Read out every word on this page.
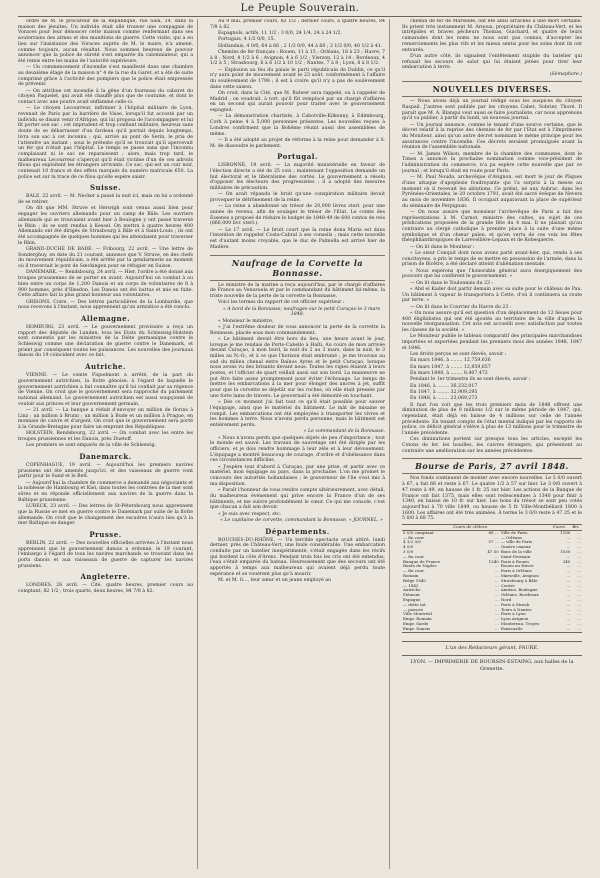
Le Peuple Souverain.

ordre de M. le procureur de la République, rue Sala, 14, dans la maison des jésuites. Un individu était allé trouver une compagnie de Voraces pour leur dénoncer cette maison comme renfermant dans ses souterrains des armes et des munitions de guerre. Cette visite, qui a eu lieu sur l'insistance des Voraces auprès de M. le maire, n'a amené, comme toujours, aucun résultat. Nous sommes heureux de pouvoir annoncer que la police de sûreté s'est emparée du calomniateur, qui a été remis entre les mains de l'autorité supérieure.

— Un commencement d'incendie s'est manifesté dans une chambre au deuxième étage de la maison n° 4 de la rue du Garet, et a été de suite comprimé grâce à l'activité des pompiers que le police était empressée de prévenir.

— On attribue cet incendie à la gêne d'un fourneau du cabaret du citoyen Paquelet, qui avait été chauffé plus que de coutume, et dont le contact avec une poutre avait enflammé celle-ci.

— Le citoyen Lecourreur, infirmier à l'hôpital militaire de Lyon, revenait de Paris par la barrière de Vaise, lorsqu'il fut accosté par un individu se disant venir d'Afrique, qui lui proposa de l'accompagner et lui fit porter son sac ; cet imprudent et trop confiant militaire, heureux sans doute de se débarrasser d'un fardeau qu'il portait depuis longtemps, livra son sac à cet inconnu ; qui, arrivé au pont de Serin, le pria de l'attendre un instant ; sous le prétexte qu'il se trouvait qu'il apercevait un fer qui n'était pas l'hôpital. Le temps se passe sans que l'inconnu complaisant ni le sac ne reparaissent ; alors, mais trop tard, le malheureux Lecourreur s'aperçut qu'il était victime d'un de ces adroits filous qui exploitent les étrangers arrivants. Ce sac, qui est un cuir noir, contenait 10 francs et des effets marqués du numéro matricule 650. La police est sur la trace de ce filou qu'elle espère saisir.

Suisse.

BALE, 22 avril. — M. Necker a passé la nuit ici, mais on lui a ordonné de se retirer.

On dit que MM. Struve et Herwigh sont venus aussi bien pour engager les ouvriers allemands pour un camp de Bâle. Les ouvriers allemands qui se trouvaient avant hier à Boulogne y ont passé traversé le Rhin ; ils se sont rendus à Kessel. On mettra à quatre heures 400 Allemands ont été dirigés de Strasbourg à Bâle et à Saint-Louis ; ils ont été accompagnés de quelques hommes qui les attendaient pour traverser le Rhin.

GRAND-DUCHÉ DE BADE. — Fribourg, 22 avril. — Une lettre de Sonderghuy, en date du 21 courant, annonce que V. Struve, en des chefs du mouvement républicain, a été arrêté par la gendarmerie au moment où il traversait le pont de Sœckingen pour se réfugier en Suisse.

DANEMARK. — Rendsbourg, 24 avril. — Hier, l'ordre a été donné aux troupes prussiennes de se porter en avant. Aujourd'hui on combat à ou bien entre un corps de 1,200 Danois et un corps de volontaires de 8 à 900 hommes, près d'Illesdon. Les Danois ont été battus et mis en fuite. Cette affaire fait la plus grand honneur aux volontaires.

GRISONS, Coire. — Des lettres particulières de la Lombardie, que nous recevons à l'instant, nous apprennent qu'un armistice a été conclu.

Allemagne.

HOMBURG, 23 avril. — Le gouvernement provisoire a reçu un rapport des députés de Lunden, tous les Etats du Schleswig-Holstein sont consentis par les ministres de la Diète germanique contre le Schleswig comme une déclaration de guerre contre le Danemark, et prient par conséquent toutes les puissances. Les nouvelles des journaux danois du 19 coïncident avec ce fait.

Autriche.

VIENNE. — Le comte Fiquelmont a arrêté, de la part du gouvernement autrichien, la flotte génoise, à l'égard de laquelle le gouvernement autrichien a fait connaître qu'il lui confiait par sa régence de Vienne. On croit que le gouvernement sera rapproché du parlement national allemand. Le gouvernement autrichien est aussi soupçonné de vouloir aux princes et leur gouvernement germain.

— 21 avril. — La banque a réduit d'envoyer un million de florins à Linz ; un million à Brunn ; un million à Bude et un million à Prague, en monnaie de cuivre et d'argent. On croit que le gouvernement sera porté à la Grande-Bretagne pour faire un emprunt des Républiques.

HOLSTEIN. Rendsbourg, 22 avril. — On combat avec les entre les troupes prussiennes et les Danois, près Duetoff.

Les premiers se sont emparés de la ville de Schleswig.

Danemarck.

COPENHAGUE, 19 avril. — Aujourd'hui les premiers navires prussiens ont été amenés jusqu'ici, et des vaisseaux de guerre vont partir pour le Sund et le Belt.

— Aujourd'hui la chambre de commerce a demandé aux négociants et la noblesse de Hambourg et Kiel, dans toutes les contrées de la mer sont sûres et en réponde officiellement aux navires de la guerre dans la Baltique prussienne.

LUBECK, 23 avril. — Des lettres de St-Pétersbourg nous apprennent que la Russie se met en guerre contre le Danemark par suite de la flotte allemande. On croit que le changement des escadres n'aura lieu qu'à la mer Baltique en danger.

Prusse.

BERLIN, 22 avril. — Des nouvelles officielles arrivées à l'instant nous apprennent que le gouvernement danois a ordonné, le 19 courant, l'embargo à l'égard de tous les navires marchands se trouvant dans les ports danois et aux vaisseaux de guerre de capturer les navires prussiens.

Angleterre.

LONDRES, 26 avril. — Cité, quatre heures, premier cours au comptant, 82 1/2 ; trois quarts, deux heures, 84 7/8 à 82.

Au 9 mai, premier cours, 82 1/2 ; dernier cours, à quatre heures, 84 7/8 à 82.

Espagnols, actifs, 11 1/2 ; 3 0/0, 24 1/4, 24 à 24 1/2.

Portugais, 4 1/2 0/0, 15.

Hollandais, 4 0/0, 64 à 66 ; 2 1/2 0/0, 44 à 60 ; 2 1/2 0/0, 40 1/2 à 41.

Chemins de fer français : Rouen, 11 à 15 ; Orléans, 18 à 23 ; Havre, 7 à 8 ; Nord, 8 1/2 à 6 ; Avignon, 4 à 6 1/2 ; Vierzon, 12 à 14 ; Bordeaux, 4 1/2 à 5 ; Strasbourg, 6 à 6 1/2 à 10 1/2 ; Nantes, 7 à 8 ; Lyon, 8 à 8 1/2.

— Explosion au feu du palais le parti républicain de Dublin, ce qu'il n'y aura point de mouvement avant le 23 août, conformément à l'affaire du soulèvement de 1798 ; il est à croire qu'il n'y a pas de soulèvement dans cette saison.

On croit, dans la Cité, que M. Bulwer sera rappelé, ou à rappeler de Madrid ; on voudrait, à tort, qu'il fût remplacé par un chargé d'affaires en un second qui aurait pouvoir pour traiter avec le gouvernement espagnol.

— La démonstration chartiste, à Cabotville-Kilkenny, à Edimbourg, Cork à peine 4 à 5,000 personnes présentes. Les nouvelles reçues à Londres confirment que la Bohême réunit aussi des assemblées de même.

— Il a été adopté au projet de réforme à la reine pour demander à S. M. de dissoudre le parlement.

Portugal.

LISBONNE, 19 avril. — La majorité ministérielle en faveur de l'élection directe a été de 25 voix ; maintenant l'opposition demande un but électoral et le libéralisme des cortès. Le gouvernement a résolu d'opposer les électeurs des progressistes ; il a adopté des mesures militaires de précaution.

— On avait répandu le bruit qu'une conspiration militaire devait provoquer le détrônement de la reine.

— La reine a abandonné un trésor de 20,000 livres sterl. pour une année de revenu, afin de soulager le trésor de l'Etat. Le comte des Essenes a proposé de réduire le budget de 1848-49 de 600 contos de reis (666,000 livr. sterl.).

— Le 17 avril. — Le bruit court que la reine dona Maria est dans l'intention de rappeler Costa-Cabral à ses conseils ; mais cette nouvelle est d'autant moins croyable, que le duc de Palmella est arrivé hier de Madère.

Naufrage de la Corvette la Bonnasse.

Le ministre de la marine a reçu aujourd'hui, par le chargé d'affaires de France au Venezuela et par le commandant du bâtiment lui-même, la triste nouvelle de la perte de la corvette la Bonnasse.

Voici les termes du rapport de cet officier supérieur :

« A bord de la Bonnasse, naufragée sur le petit Curaçao le 3 mars 1848.

« Monsieur le ministre,

« J'ai l'extrême douleur de vous annoncer la perte de la corvette la Bonnasse, placée sous mon commandement.

« Le bâtiment devait être hors du lieu, une heure avant le jour, lorsque je me rendais de Porto-Cabello à Haïti. Au cours de mon arrivée devant Curaçao, à mon bord, la nuit du 2 au 3 mars, dans la nuit, le 3 milles au N.-O., et à ce que l'horizon était embrumé ; je me trouvais au sud du milieu chenal entre Baïnos Ayres et le petit Curaçao, lorsque nous avons vu des brisants devant nous. Toutes les vigies étaient à leurs postes, et l'officier de quart veillait aussi sur son bord. La manœuvre ne put être faite assez promptement pour éviter l'échouage. Le temps de mettre les embarcations à la mer pour élonger des ancres à jet, suffit pour que la corvette se déjetât sur les roches, où elle était pressée par une forte lame de travers. Le gouvernail a été démonté en touchant.

« Dès ce moment j'ai fait tout ce qu'il était possible pour sauver l'équipage, ainsi que le matériel du bâtiment. Le mât de misaine se rompit. Les embarcations ont été employées à transporter les vivres et les hommes à terre. Nous n'avons perdu personne, mais le bâtiment est entièrement perdu.

« Le commandant de la Bonnasse.

« Nous n'avons perdu que quelques objets de peu d'importance ; tout le monde est sauvé. Les travaux de sauvetage ont été dirigés par les officiers, et je dois rendre hommage à leur zèle et à leur dévouement. L'équipage a montré beaucoup de courage, d'ordre et d'obéissance dans ces circonstances difficiles.

« J'espère tout d'abord à Curaçao, par une prise, et partir avec ce matériel, mon équipage au pays, dans la prochaine. L'on me promet le concours des autorités hollandaises ; le gouverneur de l'île s'est mis à ma disposition.

« Paraît l'honneur de vous rendre compte ultérieurement, avec détail, du malheureux événement qui prive encore la France d'un de ses bâtiments, et me suivre profondément le cœur. Ce qui me console, c'est que chacun a fait son devoir.

« Je suis avec respect, etc.

« Le capitaine de corvette, commandant la Bonnasse, « JOURNEL. »

Départements.

BOUCHES-DU-RHÔNE. — Un terrible spectacle avait attiré, lundi dernier, près de Château-Vert, une foule considérable. Une embarcation conduite par un batelier inexpérimenté, s'était engagée dans les récifs qui bordent la côte d'Arenc. Pendant trois fois les cris ont été entendus, l'eau s'était emparée du bateau. Heureusement que des secours ont été apportés à temps aux malheureux qui avaient déjà perdu toute espérance et se vouèrent plus qu'à mourir.

M. et M. G..., leur sœur et un jeune employé au

chemin de fer de Marseille, ont été ainsi arrachés à une mort certaine. Ils prient très instamment M. Arnoux, propriétaire du Château-Vert, et les intrépides et braves pêcheurs Thomas, Guichard, et quatre de leurs camarades dont les noms ne nous sont pas connus, d'accepter les remerciements les plus vifs et les mieux sentis pour les soins dont ils ont entourés.

D'un autre côté, ils signalent l'entêtement stupide du batelier qui refusait les secours de salut qui lui étaient jetées pour tirer leur embarcation à terre.

(Sémaphore.)

NOUVELLES DIVERSES.

— Nous avons déjà un journal rédigé sous les auspices du citoyen Raspail. J'autres sont publiés par les citoyens Cabet, Sobrier, Thoré. Il paraît que M. A. Blanqui veut aussi se faire journaliste, car nous apprenons qu'il va publier, à partir du lundi, un nouveau journal.

— Un journal annonce, comme le tenant d'une source certaine, que le décret relatif à la reprise des chemins de fer par l'Etat est à l'Imprimerie du Moniteur, ainsi qu'un autre décret nommant le même principe pour les assurances contre l'incendie. Ces décrets seraient promulgués avant la réunion de l'assemblée nationale.

— M. James Wilson, membre de la chambre des communes, dont le Times a annoncé la prochaine nomination comme vice-président de l'administration du commerce, n'a pu espère cette nouvelle que par ce journal ; et lorsqu'il était en route pour Paris.

— M. Paul Nouda, archevêque d'Avignon, est mort le jour de Pâques d'une attaque d'apoplexie foudroyante qui l'a surpris à la messe au moment où il recevait les ablutions. Ce prélat, né aux Aubrac, dans les Pyrénées-Orientales, le 20 octobre 1791, avait été sacré évêque de Nevers au mois de novembre 1836. Il occupait auparavant la place de supérieur du séminaire de Perpignan.

— On nous assure que monsieur l'archevêque de Paris a fait des représentations à M. Carnot, ministre des cultes, au sujet de ces prédications proposées de la grande fête du 4 mai. Il ne plaisait qu'au contraire au clergé catholique à prendre place à la suite d'une même symbolique et d'un chœur païen, et qu'en vertu de ces voix les fêtes théophilanthropiques de Larevellière-Lepaux et de Robespierre.

— On lit dans le Moniteur :

« Le sieur Conquit dont nous avons parlé avant-hier, qui, rendu à ses concitoyens, a pris le temps de se mettre en possession de l'armée, dans la prison de Bicêtre, a été déclaré atteint d'aliénation mentale.

« Nous espérons que l'honorable général aura énergiquement des pouvoirs que lui confèrent le gouvernement. »

— On lit dans le Toulonnais du 23 :

« Abd el Kader doit partir demain avec sa suite pour le château de Pau. Un bâtiment à vapeur le transportera à Cette, d'où il continuera sa route par terre. »

— On lit dans le Courrier du Havre du 23 :

« On nous assure qu'il est question d'un déplacement de 12 lieues pour 400 éligibilistes qui ont été ajoutés au territoire de la ville d'après la nouvelle réorganisation. Cet avis est accueilli avec satisfaction par toutes les classes de la société. »

Le Moniteur publie le tableau comparatif des principales marchandises importées et exportées pendant les premiers mois des années 1848, 1847 et 1846.

Les droits perçus se sont élevés, savoir :

En mars 1846, à ........ 12,759,636

En mars 1847, à ........ 12,859,657

En mars 1848, à ........ 8,407,472

Pendant le 1er trimestre ils se sont élevés, savoir :

En 1846, à ........ 36,232,017

En 1847, à ........ 32,909,295

En 1848, à ........ 23,069,273

Il faut l'on voit que les trois premiers mois de 1848 offrent une diminution de plus de 9 millions 1/2 sur le même période de 1847, qui, cependant, était déjà en baisse de 4 millions sur celle de l'année précédente. En tenant compte de l'état mental indiqué par les rapports de police, ce déficit général s'élève à plus de 13 millions pour le trimestre de l'année précédente.

Ces diminutions portent sur presque tous les articles, excepté les Cotons de fer, les houilles, les cuivres étrangers, qui présentent au contraire une amélioration sur les années précédentes.

Bourse de Paris, 27 avril 1848.

Nos fonds continuent de monter avec encore nouvelles. Le 5 0/0 ouvert à 67, a fait 66 et reste à 67. Le quatre 1/2 à 57 sur hier. Le 3 0/0 ouvert à 47 reste à 49, en hausse de 1 fr. 25 sur hier. Les actions de la Banque de France ont fait 1375, mais elles sont redescendues à 1340 pour finir à 1340, en baisse de 10 fr. sur hier. Les bons du trésor se sont peu cotés aujourd'hui à 70 ville 1849, ou hausse de 5 fr. Ville-Montbéliard 1800 à 1600. Les affaires ont été très animées. À terme le 3 0/0 reste à 47 25 et le 5 0/0 à 68 75.

	Cours de clôture.		Cours.	Bis
5 0/0 comptant	68 …	Ville de Paris	1180	…
— fin cour.	…	— Orléans	…	…
4 1/2 0/0	57 …	— ville de Paris	…	…
4 0/0	…	Quatre canaux	…	…
3 0/0	47 50	Bons de la ville	1030	…
— fin cour.	…	Saint-Germain	…	…
Banque de France	1340	Paris à Rouen	340	…
Rente de Naples	…	Rouen au Havre	…	…
— fin cour.	…	Paris à Orléans	…	…
Romain	…	Marseille, Avignon	…	…
Belge 1840	…	Strasbourg à Bâle	…	…
— 1842	…	Centre	…	…
Autriche	…	Amiens, Boulogne	…	…
Piémont	…	Orléans, Bordeaux	…	…
Espagne	…	Nord	…	…
— dette int.	…	Paris à Strasb.	…	…
— passive	…	Tours à Nantes	…	…
Ville Montréal	…	Paris à Lyon	…	…
Empr. Romain	…	Lyon Avignon	…	…
Empr. Sarde	…	Montereau, Troyes	…	…
Empr. Danois	…	Fanacastle	…	…
L'un des Rédacteurs gérant, FAURE.
LYON. — IMPRIMERIE DE BOURSIN-ESTAING, aux halles de la Grenette.
